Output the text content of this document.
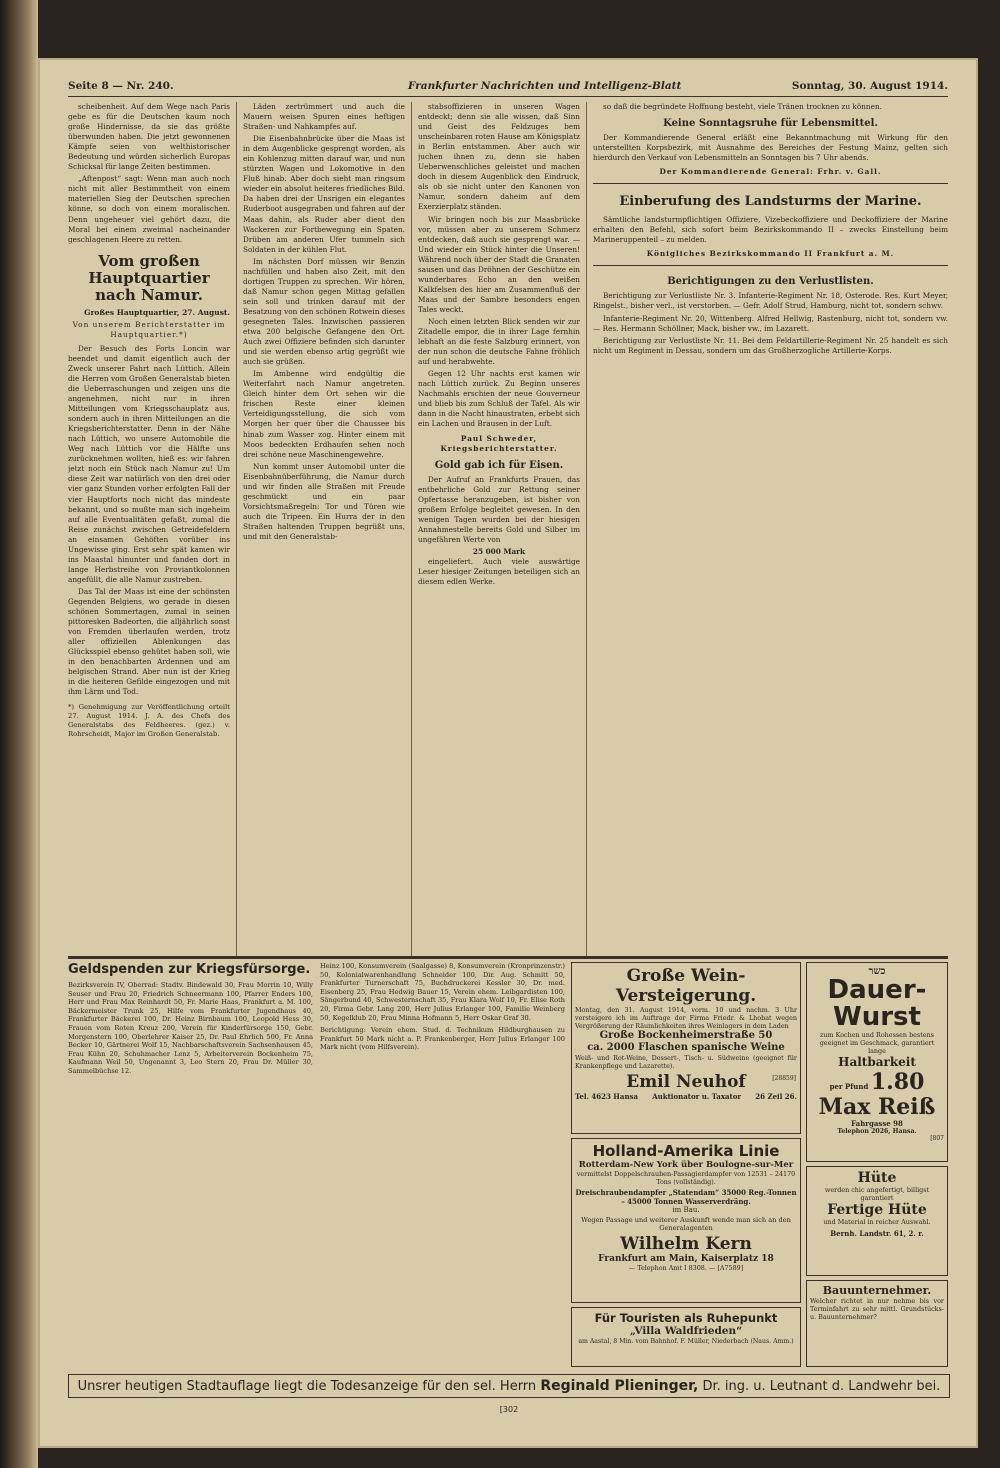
Seite 8 — Nr. 240.	Frankfurter Nachrichten und Intelligenz-Blatt	Sonntag, 30. August 1914.

scheibenheit. Auf dem Wege nach Paris gebe es für die Deutschen kaum noch große Hindernisse, da sie das größte überwunden haben. Die jetzt gewonnenen Kämpfe seien von welthistorischer Bedeutung und würden sicherlich Europas Schicksal für lange Zeiten bestimmen.

„Aftenpost“ sagt: Wenn man auch noch nicht mit aller Bestimmtheit von einem materiellen Sieg der Deutschen sprechen könne, so doch von einem moralischen. Denn ungeheuer viel gehört dazu, die Moral bei einem zweimal nacheinander geschlagenen Heere zu retten.

Vom großen Hauptquartier nach Namur.
Großes Hauptquartier, 27. August.
Von unserem Berichterstatter im Hauptquartier.*)

Der Besuch des Forts Loncin war beendet und damit eigentlich auch der Zweck unserer Fahrt nach Lüttich. Allein die Herren vom Großen Generalstab bieten die Ueberraschungen und zeigen uns die angenehmen, nicht nur in ihren Mitteilungen vom Kriegsschauplatz aus, sondern auch in ihren Mitteilungen an die Kriegsberichterstatter. Denn in der Nähe nach Lüttich, wo unsere Automobile die Weg nach Lüttich vor die Hälfte uns zurücknehmen wollten, hieß es: wir fahren jetzt noch ein Stück nach Namur zu! Um diese Zeit war natürlich von den drei oder vier ganz Stunden vorher erfolgten Fall der vier Hauptforts noch nicht das mindeste bekannt, und so mußte man sich ingeheim auf alle Eventualitäten gefaßt, zumal die Reise zunächst zwischen Getreidefeldern an einsamen Gehöften vorüber ins Ungewisse ging. Erst sehr spät kamen wir ins Maastal hinunter und fanden dort in lange Herbstreihe von Proviantkolonnen angefüllt, die alle Namur zustreben.

Das Tal der Maas ist eine der schönsten Gegenden Belgiens, wo gerade in diesen schönen Sommertagen, zumal in seinen pittoresken Badeorten, die alljährlich sonst von Fremden überlaufen werden, trotz aller offiziellen Ablenkungen das Glücksspiel ebenso gehütet haben soll, wie in den benachbarten Ardennen und am belgischen Strand. Aber nun ist der Krieg in die heiteren Gefilde eingezogen und mit ihm Lärm und Tod.

*) Genehmigung zur Veröffentlichung erteilt 27. August 1914. J. A. des Chefs des Generalstabs des Feldheeres. (gez.) v. Rohrscheidt, Major im Großen Generalstab.

Läden zertrümmert und auch die Mauern weisen Spuren eines heftigen Straßen- und Nahkampfes auf.

Die Eisenbahnbrücke über die Maas ist in dem Augenblicke gesprengt worden, als ein Kohlenzug mitten darauf war, und nun stürzten Wagen und Lokomotive in den Fluß hinab. Aber doch sieht man ringsum wieder ein absolut heiteres friedliches Bild. Da haben drei der Unsrigen ein elegantes Ruderboot ausgegraben und fahren auf der Maas dahin, als Ruder aber dient den Wackeren zur Fortbewegung ein Spaten. Drüben am anderen Ufer tummeln sich Soldaten in der kühlen Flut.

Im nächsten Dorf müssen wir Benzin nachfüllen und haben also Zeit, mit den dortigen Truppen zu sprechen. Wir hören, daß Namur schon gegen Mittag gefallen sein soll und trinken darauf mit der Besatzung von den schönen Rotwein dieses gesegneten Tales. Inzwischen passieren etwa 200 belgische Gefangene den Ort. Auch zwei Offiziere befinden sich darunter und sie werden ebenso artig gegrüßt wie auch sie grüßen.

Im Ambenne wird endgültig die Weiterfahrt nach Namur angetreten. Gleich hinter dem Ort sehen wir die frischen Reste einer kleinen Verteidigungsstellung, die sich vom Morgen her quer über die Chaussee bis hinab zum Wasser zog. Hinter einem mit Moos bedeckten Erdhaufen sehen noch drei schöne neue Maschinengewehre.

Nun kommt unser Automobil unter die Eisenbahnüberführung, die Namur durch und wir finden alle Straßen mit Freude geschmückt und ein paar Vorsichtsmaßregeln: Tor und Türen wie auch die Tripeen. Ein Hurra der in den Straßen haltenden Truppen begrüßt uns, und mit den Generalstab-

stabsoffizieren in unseren Wagen entdeckt; denn sie alle wissen, daß Sinn und Geist des Feldzuges bem unscheinbaren roten Hause am Königsplatz in Berlin entstammen. Aber auch wir juchen ihnen zu, denn sie haben Ueberwenschliches geleistet und machen doch in diesem Augenblick den Eindruck, als ob sie nicht unter den Kanonen von Namur, sondern daheim auf dem Exerzierplatz ständen.

Wir bringen noch bis zur Maasbrücke vor, müssen aber zu unserem Schmerz entdecken, daß auch sie gesprengt war. — Und wieder ein Stück hinter die Unseren! Während noch über der Stadt die Granaten sausen und das Dröhnen der Geschütze ein wunderbares Echo an den weißen Kalkfelsen des hier am Zusammenfluß der Maas und der Sambre besonders engen Tales weckt.

Noch einen letzten Blick senden wir zur Zitadelle empor, die in ihrer Lage fernhin lebhaft an die feste Salzburg erinnert, von der nun schon die deutsche Fahne fröhlich auf und herabwehte.

Gegen 12 Uhr nachts erst kamen wir nach Lüttich zurück. Zu Beginn unseres Nachmahls erschien der neue Gouverneur und blieb bis zum Schluß der Tafel. Als wir dann in die Nacht hinaustraten, erbebt sich ein Lachen und Brausen in der Luft.

Paul Schweder, Kriegsberichterstatter.
Gold gab ich für Eisen.

Der Aufruf an Frankfurts Frauen, das entbehrliche Gold zur Rettung seiner Opfertasse heranzugeben, ist bisher von großem Erfolge begleitet gewesen. In den wenigen Tagen wurden bei der hiesigen Annahmestelle bereits Gold und Silber im ungefähren Werte von

25 000 Mark

eingeliefert. Auch viele auswärtige Leser hiesiger Zeitungen beteiligen sich an diesem edlen Werke.

so daß die begründete Hoffnung besteht, viele Tränen trocknen zu können.

Keine Sonntagsruhe für Lebensmittel.

Der Kommandierende General erläßt eine Bekanntmachung mit Wirkung für den unterstellten Korpsbezirk, mit Ausnahme des Bereiches der Festung Mainz, gelten sich hierdurch den Verkauf von Lebensmitteln an Sonntagen bis 7 Uhr abends.

Der Kommandierende General: Frhr. v. Gall.
Einberufung des Landsturms der Marine.

Sämtliche landsturmpflichtigen Offiziere, Vizebeckoffiziere und Deckoffiziere der Marine erhalten den Befehl, sich sofort beim Bezirkskommando II – zwecks Einstellung beim Marineruppenteil – zu melden.

Königliches Bezirkskommando II Frankfurt a. M.
Berichtigungen zu den Verlustlisten.

Berichtigung zur Verlustliste Nr. 3. Infanterie-Regiment Nr. 18, Osterode. Res. Kurt Meyer, Ringelst., bisher verl., ist verstorben. — Gefr. Adolf Strud, Hamburg, nicht tot, sondern schwv.

Infanterie-Regiment Nr. 20, Wittenberg. Alfred Hellwig, Rastenburg, nicht tot, sondern vw. — Res. Hermann Schöllner, Mack, bisher vw., im Lazarett.

Berichtigung zur Verlustliste Nr. 11. Bei dem Feldartillerie-Regiment Nr. 25 handelt es sich nicht um Regiment in Dessau, sondern um das Großherzogliche Artillerie-Korps.

Geldspenden zur Kriegsfürsorge.
Bezirksverein IV, Oberrad: Stadtv. Bindewald 30, Frau Morrin 10, Willy Seuser und Frau 20, Friedrich Schneermann 100, Pfarrer Enders 100, Herr und Frau Max Reinhardt 50, Fr. Marie Haas, Frankfurt a. M. 100, Bäckermeister Trunk 25, Hilfe vom Frankfurter Jugendhaus 40, Frankfurter Bäckerei 100, Dr. Heinz Birnbaum 100, Leopold Hess 30, Frauen vom Roten Kreuz 200, Verein für Kinderfürsorge 150, Gebr. Morgenstern 100, Oberlehrer Kaiser 25, Dr. Paul Ehrlich 500, Fr. Anna Becker 10, Gärtnerei Wolf 15, Nachbarschaftsverein Sachsenhausen 45, Frau Kühn 20, Schuhmacher Lenz 5, Arbeiterverein Bockenheim 75, Kaufmann Weil 50, Ungenannt 3, Leo Stern 20, Frau Dr. Müller 30, Sammelbüchse 12.
Heinz 100, Konsumverein (Saalgasse) 8, Konsumverein (Kronprinzenstr.) 50, Kolonialwarenhandlung Schneider 100, Dir. Aug. Schmitt 50, Frankfurter Turnerschaft 75, Buchdruckerei Kessler 30, Dr. med. Eisenberg 25, Frau Hedwig Bauer 15, Verein ehem. Leibgardisten 100, Sängerbund 40, Schwesternschaft 35, Frau Klara Wolf 10, Fr. Elise Roth 20, Firma Gebr. Lang 200, Herr Julius Erlanger 100, Familie Weinberg 50, Kegelklub 20, Frau Minna Hofmann 5, Herr Oskar Graf 30.
Berichtigung: Verein ehem. Stud. d. Technikum Hildburghausen zu Frankfurt 50 Mark nicht a. P. Frankenberger, Herr Julius Erlanger 100 Mark nicht (vom Hilfsverein).
Große Wein-Versteigerung.
Montag, den 31. August 1914, vorm. 10 und nachm. 3 Uhr versteigere ich im Auftrage der Firma Friedr. & Lhobat wegen Vergrößerung der Räumlichkeiten ihres Weinlagers in dem Laden
Große Bockenheimerstraße 50
ca. 2000 Flaschen spanische Weine
Weiß- und Rot-Weine, Dessert-, Tisch- u. Südweine (geeignet für Krankenpflege und Lazarette).
[28859]
Emil Neuhof
Tel. 4623 Hansa Auktionator u. Taxator 26 Zeil 26.
Holland-Amerika Linie
Rotterdam-New York über Boulogne-sur-Mer
vermittelst Doppelschrauben-Passagierdampfer von 12531 – 24170 Tons (vollständig).
Dreischraubendampfer „Statendam“ 35000 Reg.-Tonnen – 45000 Tonnen Wasserverdräng.
im Bau.
Wegen Passage und weiterer Auskunft wende man sich an den Generalagenten
Wilhelm Kern
Frankfurt am Main, Kaiserplatz 18
— Telephon Amt I 8308. — [A7589]
Für Touristen als Ruhepunkt
„Villa Waldfrieden“
am Aastal, 8 Min. vom Bahnhof. F. Müller, Niederbach (Naus. Amm.)
כשר
Dauer-Wurst
zum Kochen und Rohessen bestens geeignet im Geschmack, garantiert lange
Haltbarkeit
per Pfund 1.80
Max Reiß
Fahrgasse 98
Telephon 2026, Hansa.
[807
Hüte
werden chic angefertigt, billigst garantiert
Fertige Hüte
und Material in reicher Auswahl.
Bernh. Landstr. 61, 2. r.
Bauunternehmer.
Welcher richtet in nur nehme bis vor Terminfahrt zu sehr mittl. Grundstücks- u. Bauunternehmer?
Unsrer heutigen Stadtauflage liegt die Todesanzeige für den sel. Herrn Reginald Plieninger, Dr. ing. u. Leutnant d. Landwehr bei. [302
